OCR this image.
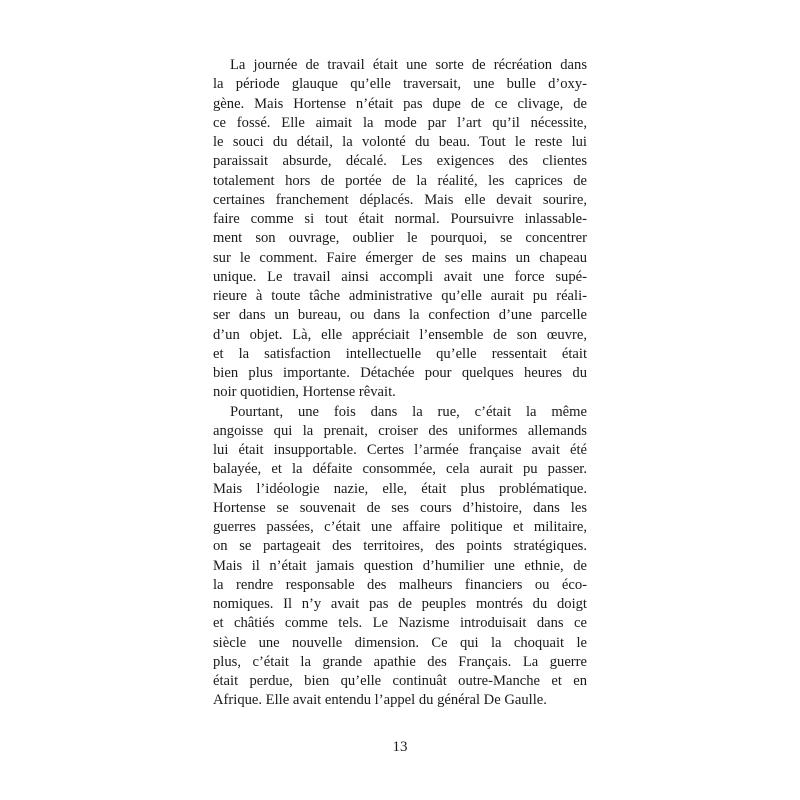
La journée de travail était une sorte de récréation dans
la période glauque qu’elle traversait, une bulle d’oxy-
gène. Mais Hortense n’était pas dupe de ce clivage, de
ce fossé. Elle aimait la mode par l’art qu’il nécessite,
le souci du détail, la volonté du beau. Tout le reste lui
paraissait absurde, décalé. Les exigences des clientes
totalement hors de portée de la réalité, les caprices de
certaines franchement déplacés. Mais elle devait sourire,
faire comme si tout était normal. Poursuivre inlassable-
ment son ouvrage, oublier le pourquoi, se concentrer
sur le comment. Faire émerger de ses mains un chapeau
unique. Le travail ainsi accompli avait une force supé-
rieure à toute tâche administrative qu’elle aurait pu réali-
ser dans un bureau, ou dans la confection d’une parcelle
d’un objet. Là, elle appréciait l’ensemble de son œuvre,
et la satisfaction intellectuelle qu’elle ressentait était
bien plus importante. Détachée pour quelques heures du
noir quotidien, Hortense rêvait.
Pourtant, une fois dans la rue, c’était la même
angoisse qui la prenait, croiser des uniformes allemands
lui était insupportable. Certes l’armée française avait été
balayée, et la défaite consommée, cela aurait pu passer.
Mais l’idéologie nazie, elle, était plus problématique.
Hortense se souvenait de ses cours d’histoire, dans les
guerres passées, c’était une affaire politique et militaire,
on se partageait des territoires, des points stratégiques.
Mais il n’était jamais question d’humilier une ethnie, de
la rendre responsable des malheurs financiers ou éco-
nomiques. Il n’y avait pas de peuples montrés du doigt
et châtiés comme tels. Le Nazisme introduisait dans ce
siècle une nouvelle dimension. Ce qui la choquait le
plus, c’était la grande apathie des Français. La guerre
était perdue, bien qu’elle continuât outre-Manche et en
Afrique. Elle avait entendu l’appel du général De Gaulle.
13
